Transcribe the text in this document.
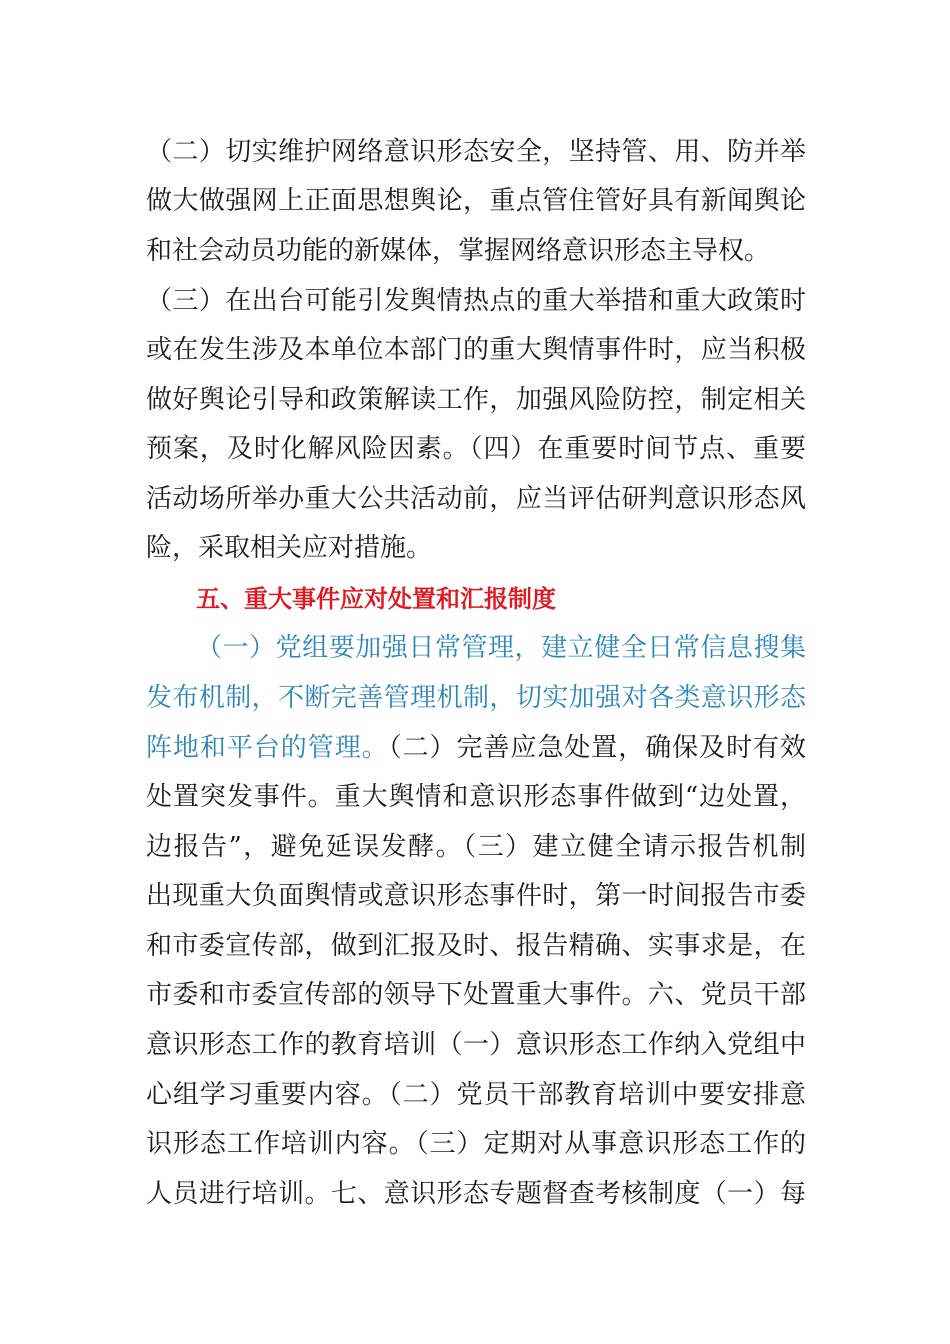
（二）切实维护网络意识形态安全，坚持管、用、防并举
做大做强网上正面思想舆论，重点管住管好具有新闻舆论
和社会动员功能的新媒体，掌握网络意识形态主导权。
（三）在出台可能引发舆情热点的重大举措和重大政策时
或在发生涉及本单位本部门的重大舆情事件时，应当积极
做好舆论引导和政策解读工作，加强风险防控，制定相关
预案，及时化解风险因素。（四）在重要时间节点、重要
活动场所举办重大公共活动前，应当评估研判意识形态风
险，采取相关应对措施。
五、重大事件应对处置和汇报制度
（一）党组要加强日常管理，建立健全日常信息搜集
发布机制，不断完善管理机制，切实加强对各类意识形态
阵地和平台的管理。（二）完善应急处置，确保及时有效
处置突发事件。重大舆情和意识形态事件做到“边处置，
边报告”，避免延误发酵。（三）建立健全请示报告机制
出现重大负面舆情或意识形态事件时，第一时间报告市委
和市委宣传部，做到汇报及时、报告精确、实事求是，在
市委和市委宣传部的领导下处置重大事件。六、党员干部
意识形态工作的教育培训（一）意识形态工作纳入党组中
心组学习重要内容。（二）党员干部教育培训中要安排意
识形态工作培训内容。（三）定期对从事意识形态工作的
人员进行培训。七、意识形态专题督查考核制度（一）每
